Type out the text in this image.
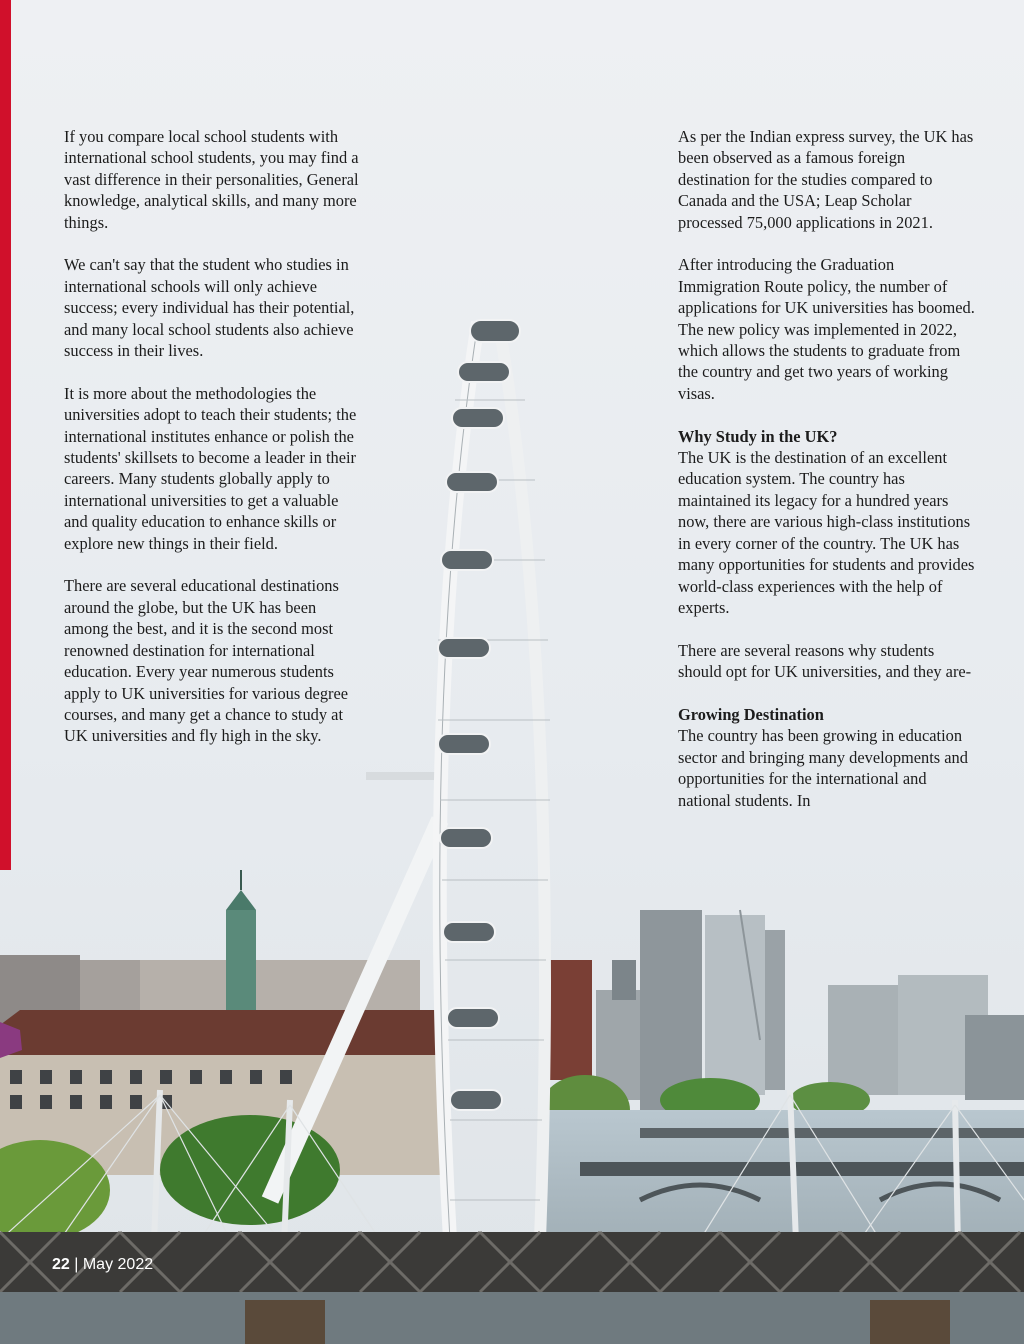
If you compare local school students with international school students, you may find a vast difference in their personalities, General knowledge, analytical skills, and many more things.

We can't say that the student who studies in international schools will only achieve success; every individual has their potential, and many local school students also achieve success in their lives.

It is more about the methodologies the universities adopt to teach their students; the international institutes enhance or polish the students' skillsets to become a leader in their careers. Many students globally apply to international universities to get a valuable and quality education to enhance skills or explore new things in their field.

There are several educational destinations around the globe, but the UK has been among the best, and it is the second most renowned destination for international education. Every year numerous students apply to UK universities for various degree courses, and many get a chance to study at UK universities and fly high in the sky.

As per the Indian express survey, the UK has been observed as a famous foreign destination for the studies compared to Canada and the USA; Leap Scholar processed 75,000 applications in 2021.

After introducing the Graduation Immigration Route policy, the number of applications for UK universities has boomed. The new policy was implemented in 2022, which allows the students to graduate from the country and get two years of working visas.

Why Study in the UK?

The UK is the destination of an excellent education system. The country has maintained its legacy for a hundred years now, there are various high-class institutions in every corner of the country. The UK has many opportunities for students and provides world-class experiences with the help of experts.

There are several reasons why students should opt for UK universities, and they are-

Growing Destination

The country has been growing in education sector and bringing many developments and opportunities for the international and national students. In

22 | May 2022
